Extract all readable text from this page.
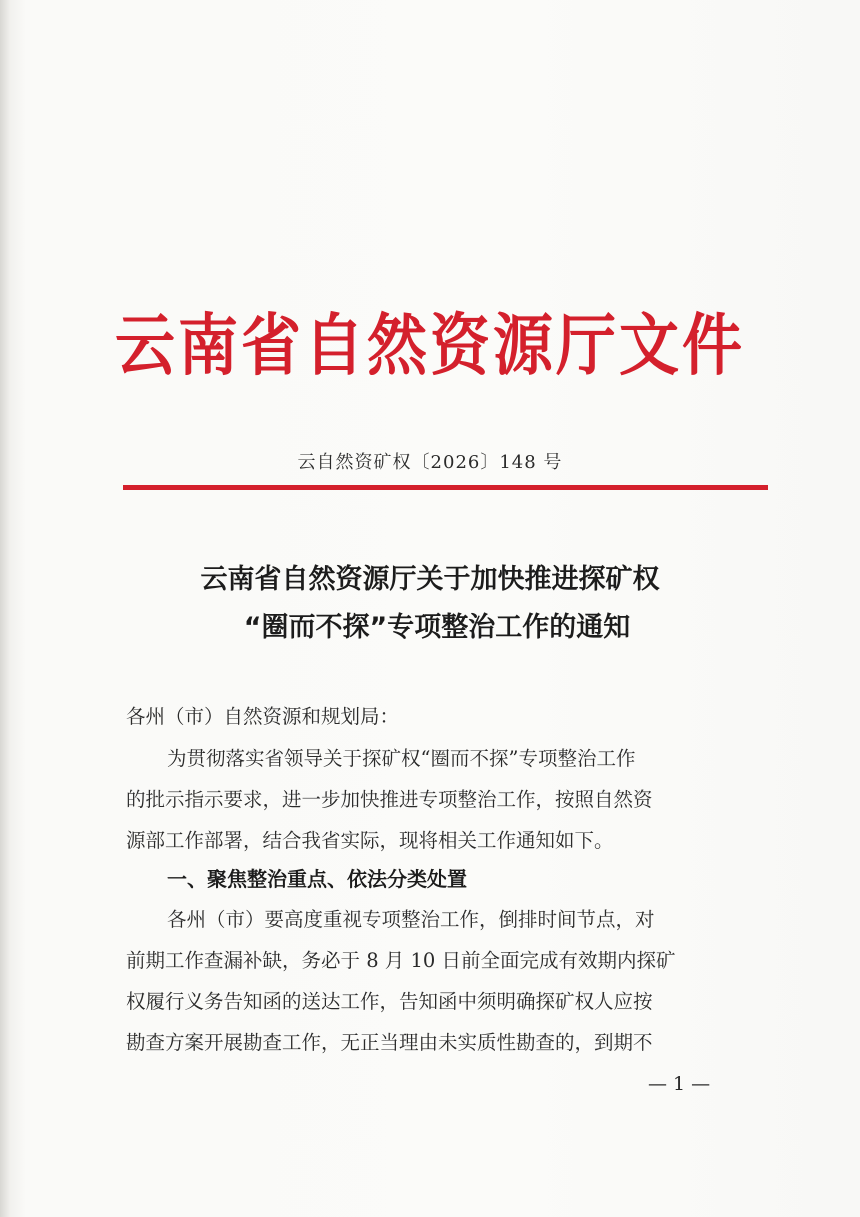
云南省自然资源厅文件
云自然资矿权〔2026〕148 号
云南省自然资源厅关于加快推进探矿权
“圈而不探”专项整治工作的通知
各州（市）自然资源和规划局：
为贯彻落实省领导关于探矿权“圈而不探”专项整治工作
的批示指示要求，进一步加快推进专项整治工作，按照自然资
源部工作部署，结合我省实际，现将相关工作通知如下。
一、聚焦整治重点、依法分类处置
各州（市）要高度重视专项整治工作，倒排时间节点，对
前期工作查漏补缺，务必于 8 月 10 日前全面完成有效期内探矿
权履行义务告知函的送达工作，告知函中须明确探矿权人应按
勘查方案开展勘查工作，无正当理由未实质性勘查的，到期不
— 1 —
